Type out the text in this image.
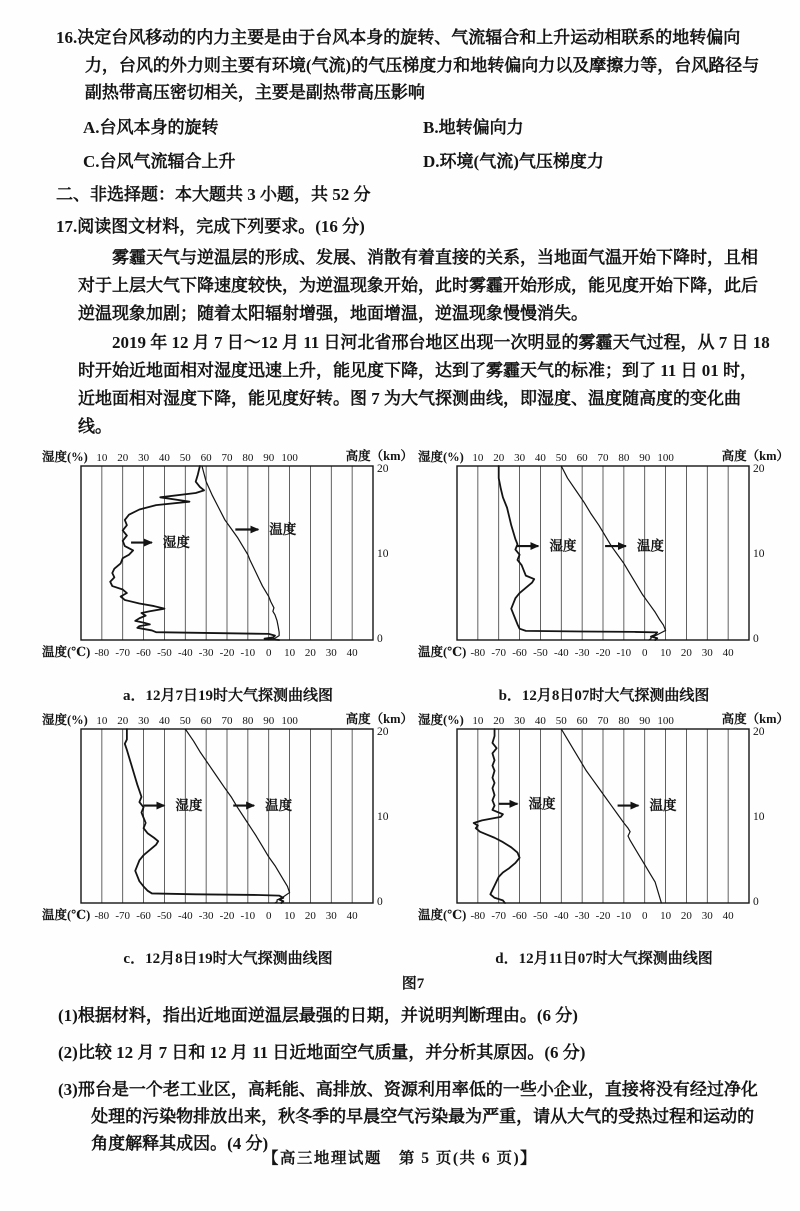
16.决定台风移动的内力主要是由于台风本身的旋转、气流辐合和上升运动相联系的地转偏向力，台风的外力则主要有环境(气流)的气压梯度力和地转偏向力以及摩擦力等，台风路径与副热带高压密切相关，主要是副热带高压影响

A.台风本身的旋转	B.地转偏向力
C.台风气流辐合上升	D.环境(气流)气压梯度力

二、非选择题：本大题共 3 小题，共 52 分

17.阅读图文材料，完成下列要求。(16 分)

雾霾天气与逆温层的形成、发展、消散有着直接的关系，当地面气温开始下降时，且相对于上层大气下降速度较快，为逆温现象开始，此时雾霾开始形成，能见度开始下降，此后逆温现象加剧；随着太阳辐射增强，地面增温，逆温现象慢慢消失。

2019 年 12 月 7 日～12 月 11 日河北省邢台地区出现一次明显的雾霾天气过程，从 7 日 18 时开始近地面相对湿度迅速上升，能见度下降，达到了雾霾天气的标准；到了 11 日 01 时，近地面相对湿度下降，能见度好转。图 7 为大气探测曲线，即湿度、温度随高度的变化曲线。

湿度(%) 10 20 30 40 50 60 70 80 90 100	高度（km）
20
10
0
温度(℃) -80 -70 -60 -50 -40 -30 -20 -10 0 10 20 30 40
湿度
温度
a．12月7日19时大气探测曲线图
湿度(%) 10 20 30 40 50 60 70 80 90 100	高度（km）
20
10
0
温度(℃) -80 -70 -60 -50 -40 -30 -20 -10 0 10 20 30 40
湿度	温度
b．12月8日07时大气探测曲线图
湿度(%) 10 20 30 40 50 60 70 80 90 100	高度（km）
20
10
0
温度(℃) -80 -70 -60 -50 -40 -30 -20 -10 0 10 20 30 40
湿度	温度
c．12月8日19时大气探测曲线图
湿度(%) 10 20 30 40 50 60 70 80 90 100	高度（km）
20
10
0
温度(℃) -80 -70 -60 -50 -40 -30 -20 -10 0 10 20 30 40
湿度	温度
d．12月11日07时大气探测曲线图
图7

(1)根据材料，指出近地面逆温层最强的日期，并说明判断理由。(6 分)

(2)比较 12 月 7 日和 12 月 11 日近地面空气质量，并分析其原因。(6 分)

(3)邢台是一个老工业区，高耗能、高排放、资源利用率低的一些小企业，直接将没有经过净化处理的污染物排放出来，秋冬季的早晨空气污染最为严重，请从大气的受热过程和运动的角度解释其成因。(4 分)

【高三地理试题　第 5 页(共 6 页)】
